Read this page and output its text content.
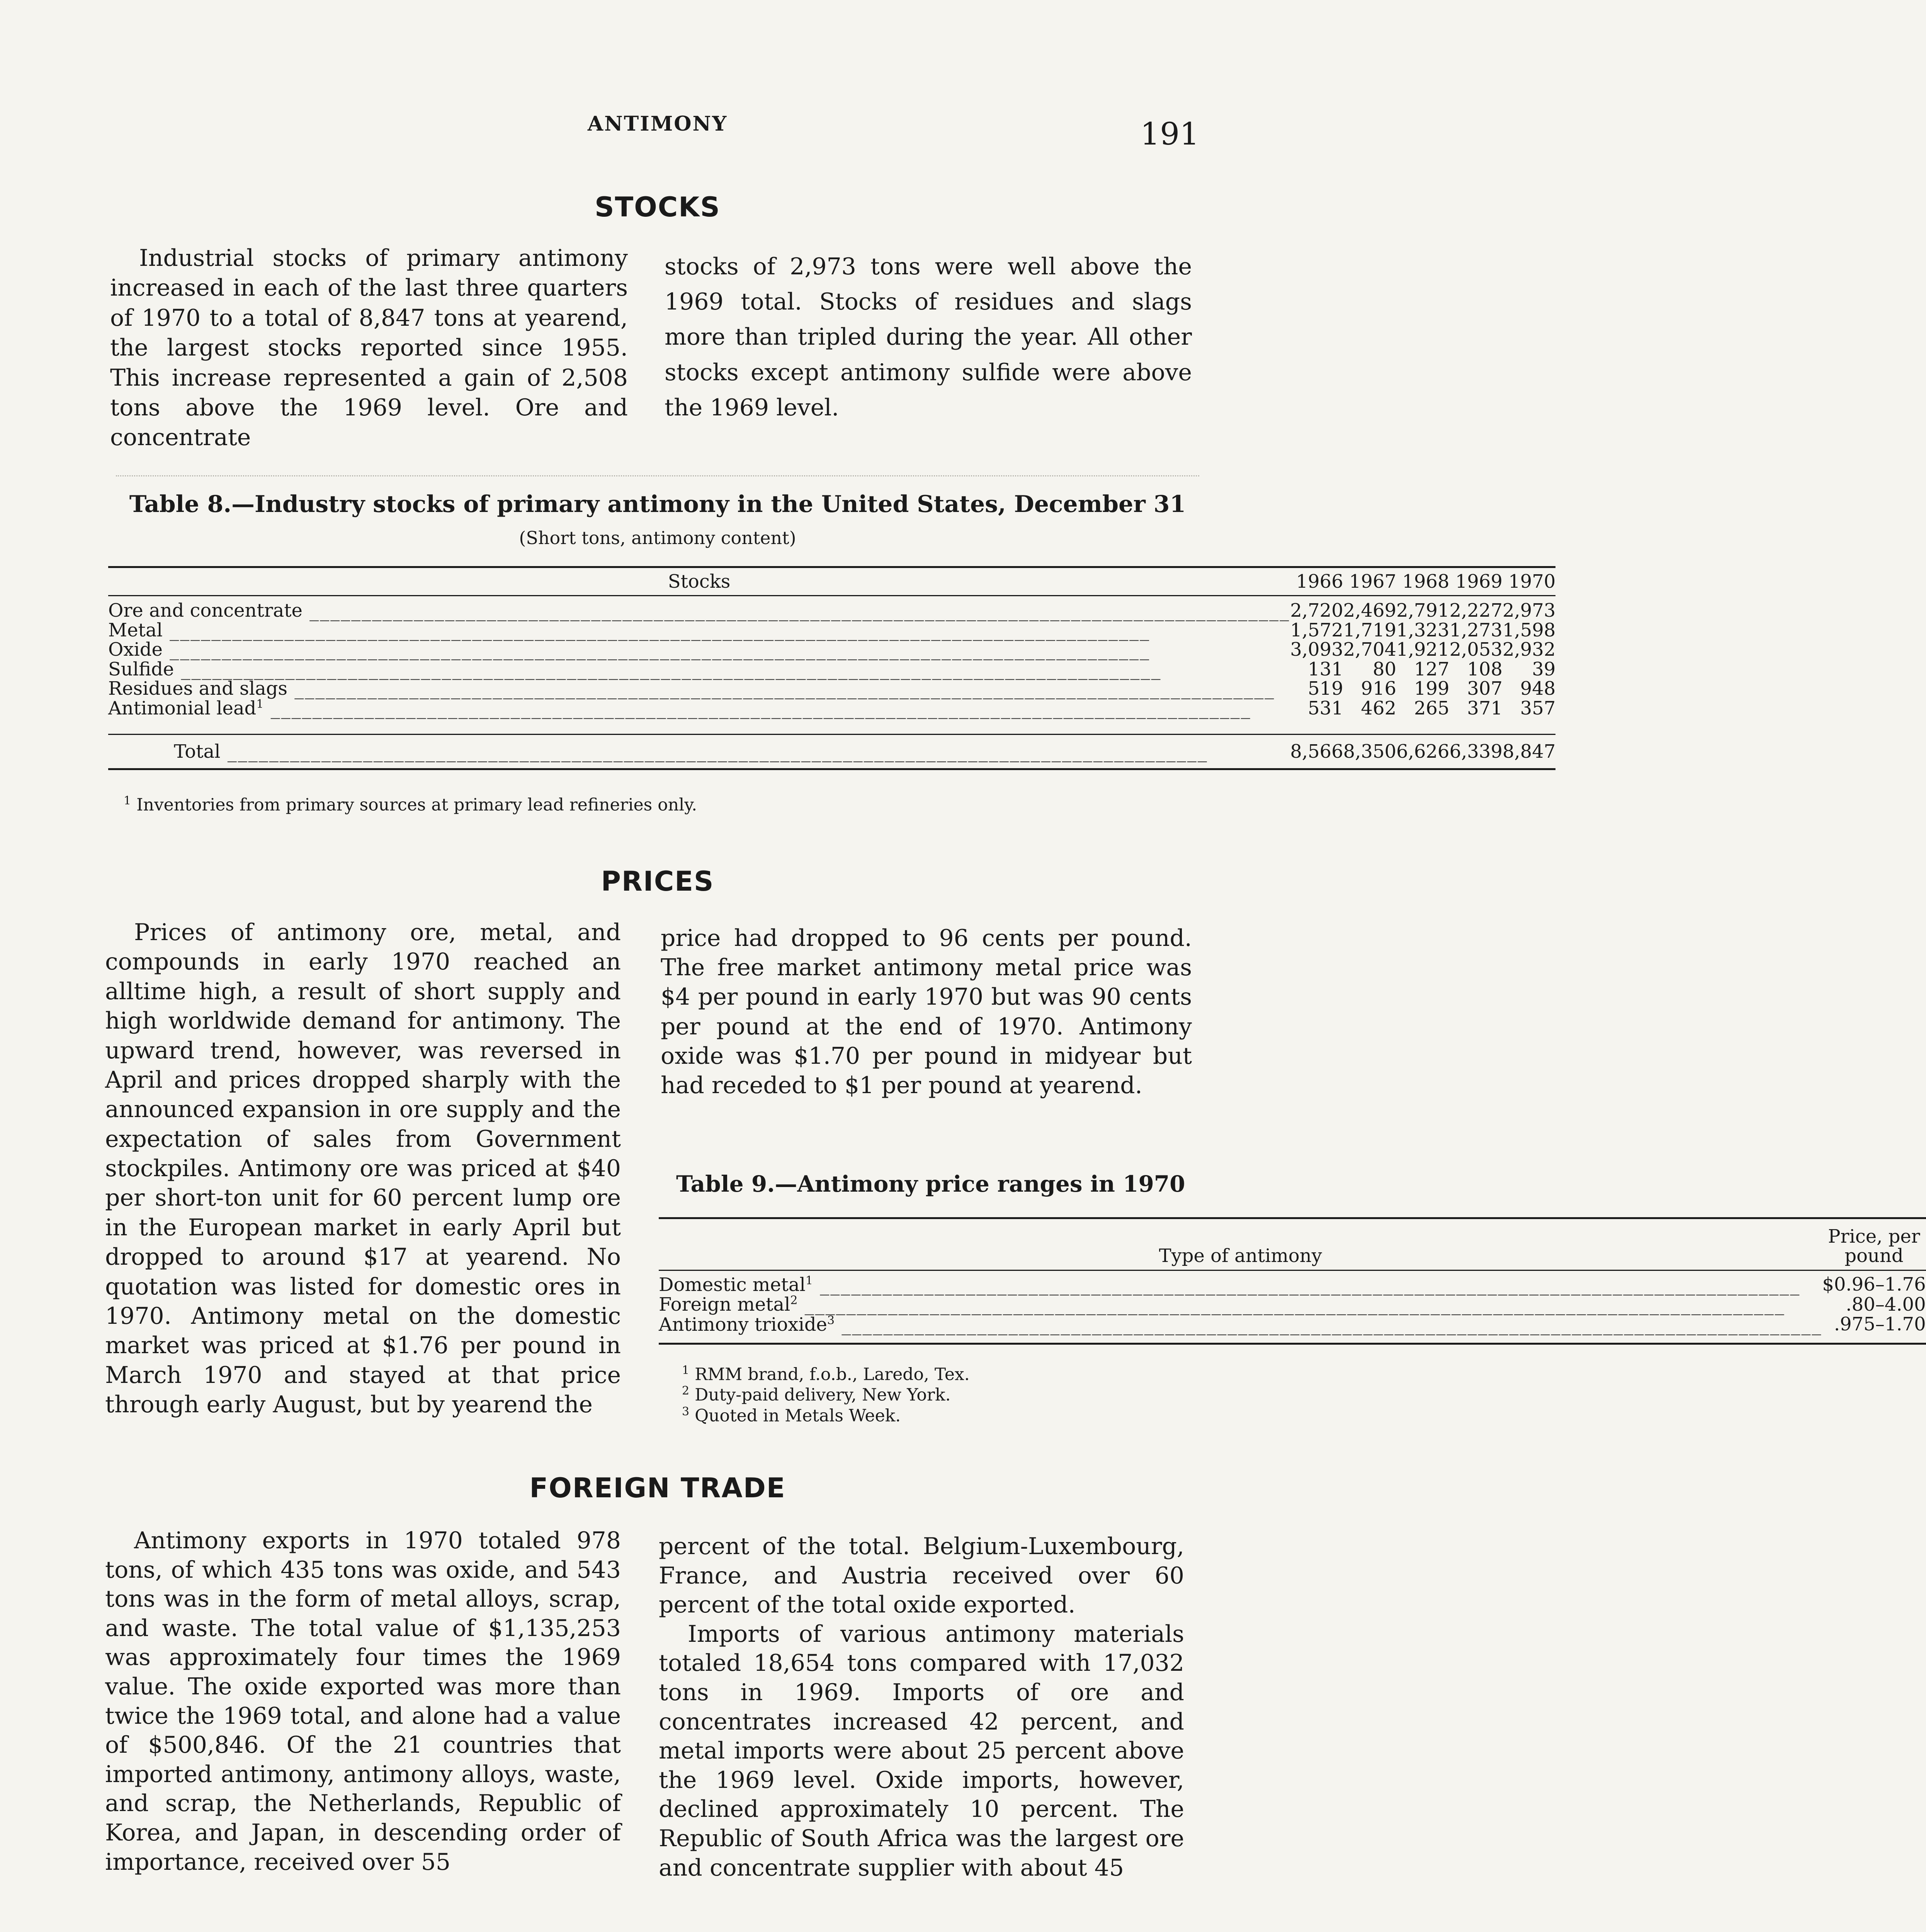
ANTIMONY	191
STOCKS

Industrial stocks of primary antimony increased in each of the last three quarters of 1970 to a total of 8,847 tons at yearend, the largest stocks reported since 1955. This increase represented a gain of 2,508 tons above the 1969 level. Ore and concentrate

stocks of 2,973 tons were well above the 1969 total. Stocks of residues and slags more than tripled during the year. All other stocks except antimony sulfide were above the 1969 level.

Table 8.—Industry stocks of primary antimony in the United States, December 31
(Short tons, antimony content)
Stocks	1966	1967	1968	1969	1970
Ore and concentrate _____	2,720	2,469	2,791	2,227	2,973
Metal _____	1,572	1,719	1,323	1,273	1,598
Oxide _____	3,093	2,704	1,921	2,053	2,932
Sulfide _____	131	80	127	108	39
Residues and slags _____	519	916	199	307	948
Antimonial lead$^1$ _____	531	462	265	371	357
Total _____	8,566	8,350	6,626	6,339	8,847

$^1$ Inventories from primary sources at primary lead refineries only.
PRICES

Prices of antimony ore, metal, and compounds in early 1970 reached an alltime high, a result of short supply and high worldwide demand for antimony. The upward trend, however, was reversed in April and prices dropped sharply with the announced expansion in ore supply and the expectation of sales from Government stockpiles. Antimony ore was priced at $40 per short-ton unit for 60 percent lump ore in the European market in early April but dropped to around $17 at yearend. No quotation was listed for domestic ores in 1970. Antimony metal on the domestic market was priced at $1.76 per pound in March 1970 and stayed at that price through early August, but by yearend the

price had dropped to 96 cents per pound. The free market antimony metal price was $4 per pound in early 1970 but was 90 cents per pound at the end of 1970. Antimony oxide was $1.70 per pound in midyear but had receded to $1 per pound at yearend.

Table 9.—Antimony price ranges in 1970
Type of antimony	Price, per
pound
Domestic metal$^1$ _____	$0.96–1.76
Foreign metal$^2$ _____	.80–4.00
Antimony trioxide$^3$ _____	.975–1.70

$^1$ RMM brand, f.o.b., Laredo, Tex.
$^2$ Duty-paid delivery, New York.
$^3$ Quoted in Metals Week.
FOREIGN TRADE

Antimony exports in 1970 totaled 978 tons, of which 435 tons was oxide, and 543 tons was in the form of metal alloys, scrap, and waste. The total value of $1,135,253 was approximately four times the 1969 value. The oxide exported was more than twice the 1969 total, and alone had a value of $500,846. Of the 21 countries that imported antimony, antimony alloys, waste, and scrap, the Netherlands, Republic of Korea, and Japan, in descending order of importance, received over 55

percent of the total. Belgium-Luxembourg, France, and Austria received over 60 percent of the total oxide exported.

Imports of various antimony materials totaled 18,654 tons compared with 17,032 tons in 1969. Imports of ore and concentrates increased 42 percent, and metal imports were about 25 percent above the 1969 level. Oxide imports, however, declined approximately 10 percent. The Republic of South Africa was the largest ore and concentrate supplier with about 45
